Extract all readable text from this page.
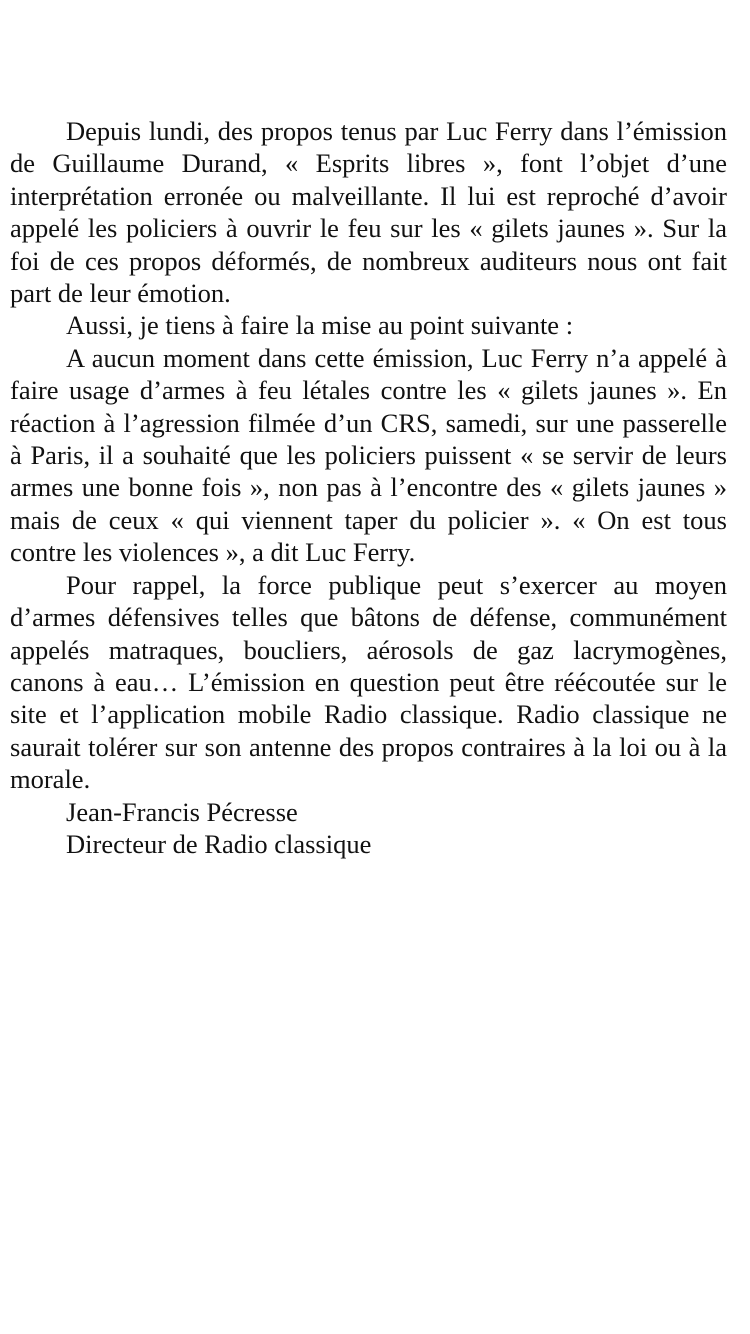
Depuis lundi, des propos tenus par Luc Ferry dans l’émission de Guillaume Durand, « Esprits libres », font l’objet d’une interprétation erronée ou malveillante. Il lui est reproché d’avoir appelé les policiers à ouvrir le feu sur les « gilets jaunes ». Sur la foi de ces propos déformés, de nombreux auditeurs nous ont fait part de leur émotion.

Aussi, je tiens à faire la mise au point suivante :

A aucun moment dans cette émission, Luc Ferry n’a appelé à faire usage d’armes à feu létales contre les « gilets jaunes ». En réaction à l’agression filmée d’un CRS, samedi, sur une passerelle à Paris, il a souhaité que les policiers puissent « se servir de leurs armes une bonne fois », non pas à l’encontre des « gilets jaunes » mais de ceux « qui viennent taper du policier ». « On est tous contre les violences », a dit Luc Ferry.

Pour rappel, la force publique peut s’exercer au moyen d’armes défensives telles que bâtons de défense, communément appelés matraques, boucliers, aérosols de gaz lacrymogènes, canons à eau… L’émission en question peut être réécoutée sur le site et l’application mobile Radio classique. Radio classique ne saurait tolérer sur son antenne des propos contraires à la loi ou à la morale.

Jean-Francis Pécresse

Directeur de Radio classique
